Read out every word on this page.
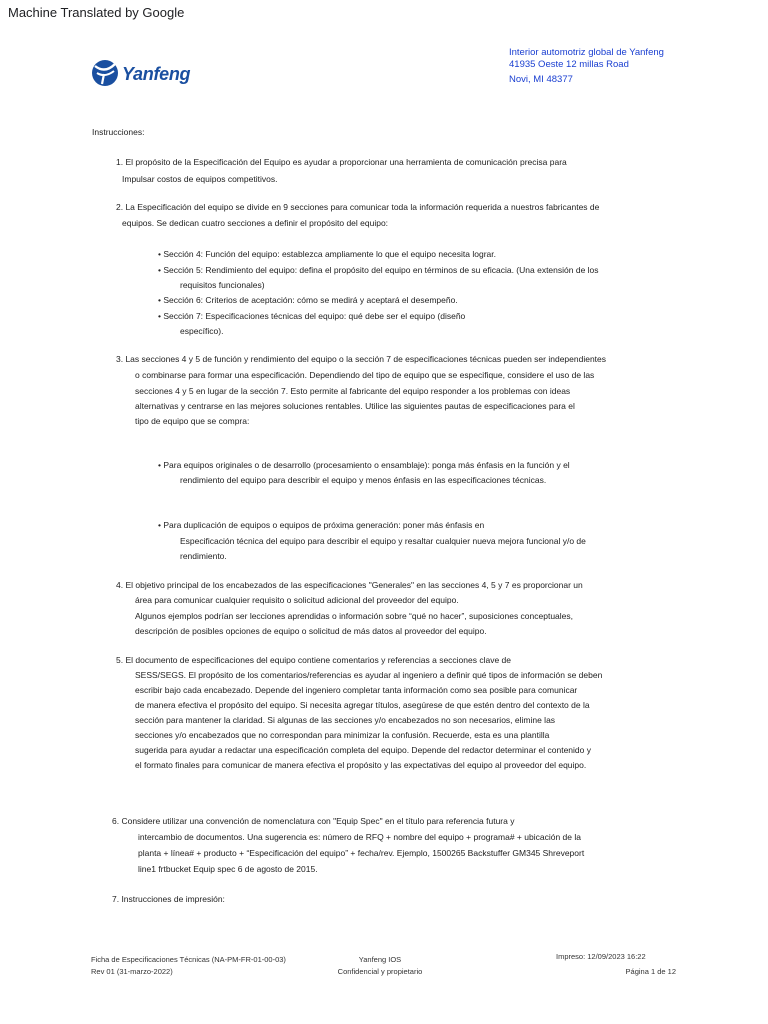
Machine Translated by Google
Yanfeng
Interior automotriz global de Yanfeng
41935 Oeste 12 millas Road
Novi, MI 48377
Instrucciones:
1. El propósito de la Especificación del Equipo es ayudar a proporcionar una herramienta de comunicación precisa para
Impulsar costos de equipos competitivos.
2. La Especificación del equipo se divide en 9 secciones para comunicar toda la información requerida a nuestros fabricantes de
equipos. Se dedican cuatro secciones a definir el propósito del equipo:
• Sección 4: Función del equipo: establezca ampliamente lo que el equipo necesita lograr.
• Sección 5: Rendimiento del equipo: defina el propósito del equipo en términos de su eficacia. (Una extensión de los
requisitos funcionales)
• Sección 6: Criterios de aceptación: cómo se medirá y aceptará el desempeño.
• Sección 7: Especificaciones técnicas del equipo: qué debe ser el equipo (diseño
específico).
3. Las secciones 4 y 5 de función y rendimiento del equipo o la sección 7 de especificaciones técnicas pueden ser independientes
o combinarse para formar una especificación. Dependiendo del tipo de equipo que se especifique, considere el uso de las
secciones 4 y 5 en lugar de la sección 7. Esto permite al fabricante del equipo responder a los problemas con ideas
alternativas y centrarse en las mejores soluciones rentables. Utilice las siguientes pautas de especificaciones para el
tipo de equipo que se compra:
• Para equipos originales o de desarrollo (procesamiento o ensamblaje): ponga más énfasis en la función y el
rendimiento del equipo para describir el equipo y menos énfasis en las especificaciones técnicas.
• Para duplicación de equipos o equipos de próxima generación: poner más énfasis en
Especificación técnica del equipo para describir el equipo y resaltar cualquier nueva mejora funcional y/o de
rendimiento.
4. El objetivo principal de los encabezados de las especificaciones "Generales" en las secciones 4, 5 y 7 es proporcionar un
área para comunicar cualquier requisito o solicitud adicional del proveedor del equipo.
Algunos ejemplos podrían ser lecciones aprendidas o información sobre “qué no hacer”, suposiciones conceptuales,
descripción de posibles opciones de equipo o solicitud de más datos al proveedor del equipo.
5. El documento de especificaciones del equipo contiene comentarios y referencias a secciones clave de
SESS/SEGS. El propósito de los comentarios/referencias es ayudar al ingeniero a definir qué tipos de información se deben
escribir bajo cada encabezado. Depende del ingeniero completar tanta información como sea posible para comunicar
de manera efectiva el propósito del equipo. Si necesita agregar títulos, asegúrese de que estén dentro del contexto de la
sección para mantener la claridad. Si algunas de las secciones y/o encabezados no son necesarios, elimine las
secciones y/o encabezados que no correspondan para minimizar la confusión. Recuerde, esta es una plantilla
sugerida para ayudar a redactar una especificación completa del equipo. Depende del redactor determinar el contenido y
el formato finales para comunicar de manera efectiva el propósito y las expectativas del equipo al proveedor del equipo.
6. Considere utilizar una convención de nomenclatura con "Equip Spec" en el título para referencia futura y
intercambio de documentos. Una sugerencia es: número de RFQ + nombre del equipo + programa# + ubicación de la
planta + línea# + producto + “Especificación del equipo” + fecha/rev. Ejemplo, 1500265 Backstuffer GM345 Shreveport
line1 frtbucket Equip spec 6 de agosto de 2015.
7. Instrucciones de impresión:
Ficha de Especificaciones Técnicas (NA-PM-FR-01-00-03)
Rev 01 (31-marzo-2022)
Yanfeng IOS
Confidencial y propietario
Impreso: 12/09/2023 16:22
Página 1 de 12
